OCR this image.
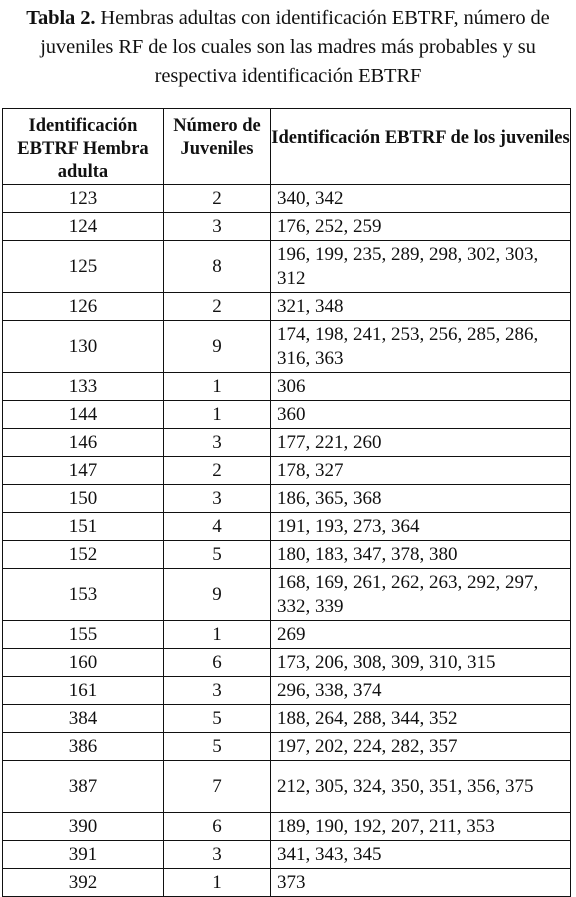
Tabla 2. Hembras adultas con identificación EBTRF, número de juveniles RF de los cuales son las madres más probables y su respectiva identificación EBTRF
Identificación EBTRF Hembra adulta	Número de Juveniles	Identificación EBTRF de los juveniles
123	2	340, 342
124	3	176, 252, 259
125	8	196, 199, 235, 289, 298, 302, 303, 312
126	2	321, 348
130	9	174, 198, 241, 253, 256, 285, 286, 316, 363
133	1	306
144	1	360
146	3	177, 221, 260
147	2	178, 327
150	3	186, 365, 368
151	4	191, 193, 273, 364
152	5	180, 183, 347, 378, 380
153	9	168, 169, 261, 262, 263, 292, 297, 332, 339
155	1	269
160	6	173, 206, 308, 309, 310, 315
161	3	296, 338, 374
384	5	188, 264, 288, 344, 352
386	5	197, 202, 224, 282, 357
387	7	212, 305, 324, 350, 351, 356, 375
390	6	189, 190, 192, 207, 211, 353
391	3	341, 343, 345
392	1	373
